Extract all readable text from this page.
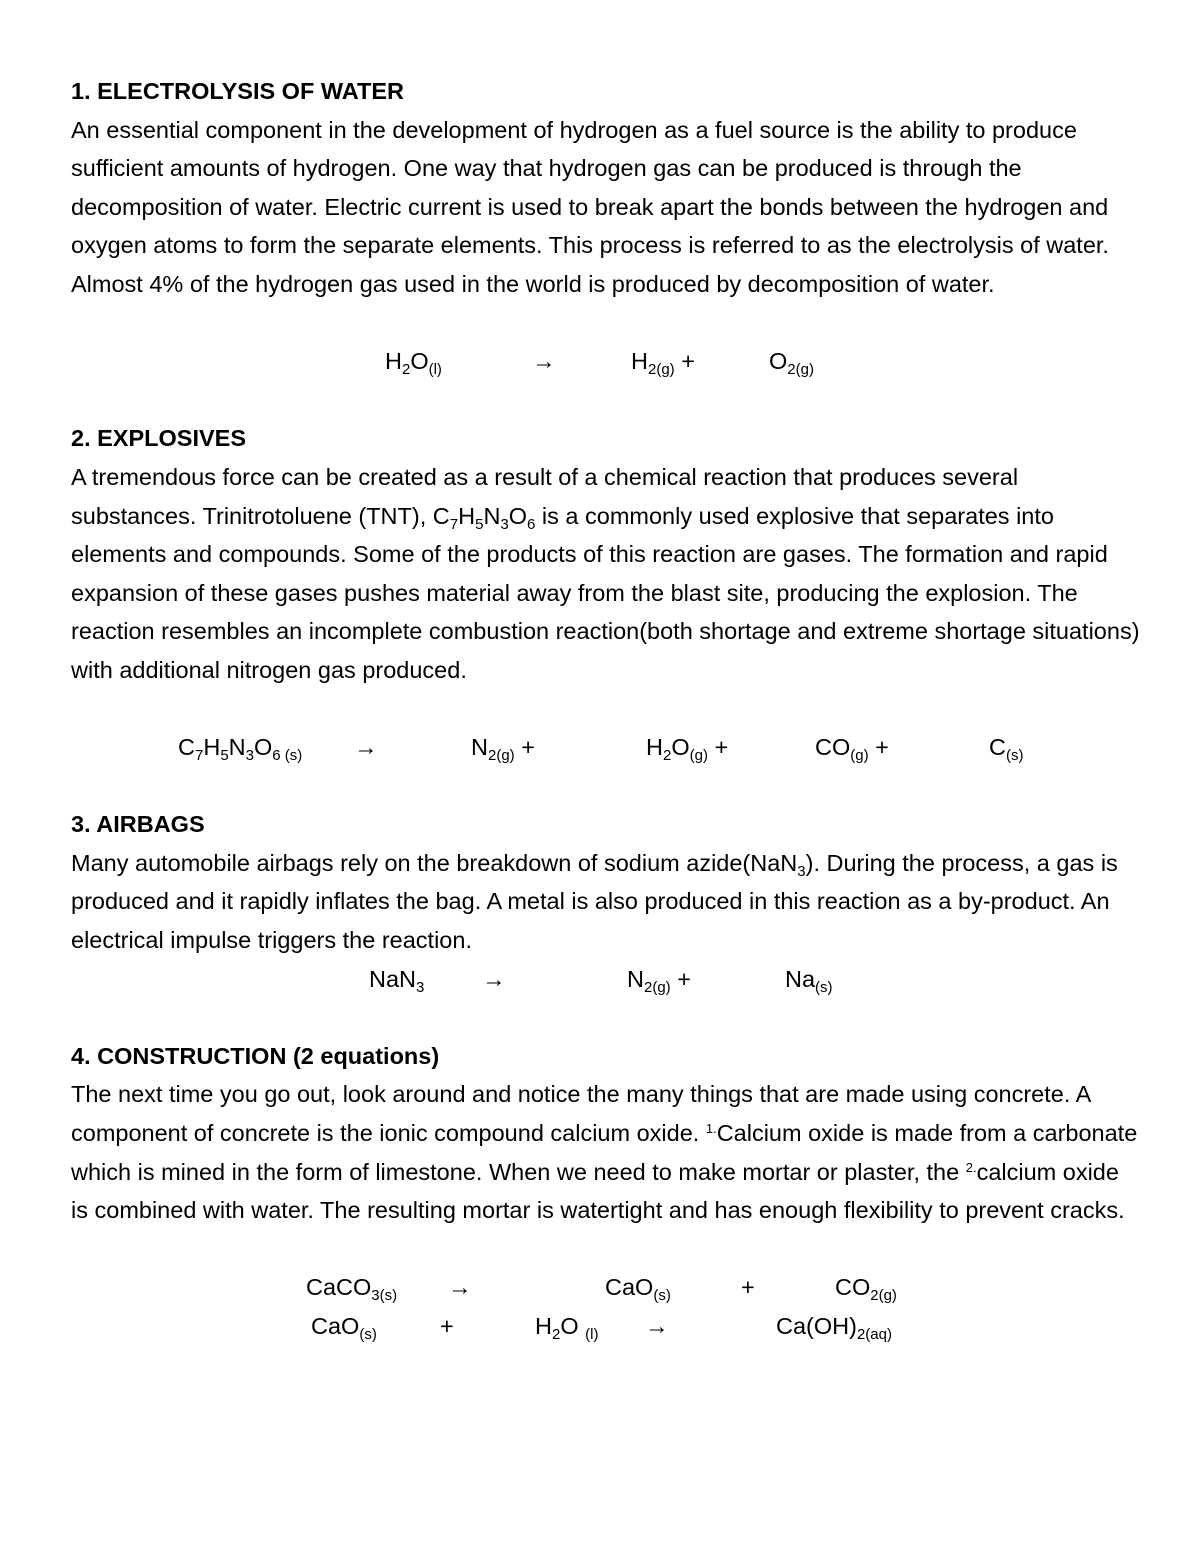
1. ELECTROLYSIS OF WATER

An essential component in the development of hydrogen as a fuel source is the ability to produce sufficient amounts of hydrogen. One way that hydrogen gas can be produced is through the decomposition of water. Electric current is used to break apart the bonds between the hydrogen and oxygen atoms to form the separate elements. This process is referred to as the electrolysis of water. Almost 4% of the hydrogen gas used in the world is produced by decomposition of water.

$H_2O_{(l)}$	→	$H_{2(g)}$ +	$O_{2(g)}$
2. EXPLOSIVES

A tremendous force can be created as a result of a chemical reaction that produces several substances. Trinitrotoluene (TNT), $C_7H_5N_3O_6$ is a commonly used explosive that separates into elements and compounds. Some of the products of this reaction are gases. The formation and rapid expansion of these gases pushes material away from the blast site, producing the explosion. The reaction resembles an incomplete combustion reaction(both shortage and extreme shortage situations) with additional nitrogen gas produced.

$C_7H_5N_3O_{6 (s)}$ →	$N_{2(g)}$ +	$H_2O_{(g)}$ +	$CO_{(g)}$ +	$C_{(s)}$
3. AIRBAGS

Many automobile airbags rely on the breakdown of sodium azide(NaN$_3$). During the process, a gas is produced and it rapidly inflates the bag. A metal is also produced in this reaction as a by-product. An electrical impulse triggers the reaction.

NaN$_3$ →	$N_{2(g)}$ +	$Na_{(s)}$
4. CONSTRUCTION (2 equations)

The next time you go out, look around and notice the many things that are made using concrete. A component of concrete is the ionic compound calcium oxide. $^{1.}$Calcium oxide is made from a carbonate which is mined in the form of limestone. When we need to make mortar or plaster, the $^{2.}$calcium oxide is combined with water. The resulting mortar is watertight and has enough flexibility to prevent cracks.

CaCO$_{3(s)}$ →	CaO$_{(s)}$	+	$CO_{2(g)}$
CaO$_{(s)}$	+	$H_2O$ $_{(l)}$ →	$Ca(OH)_{2(aq)}$
